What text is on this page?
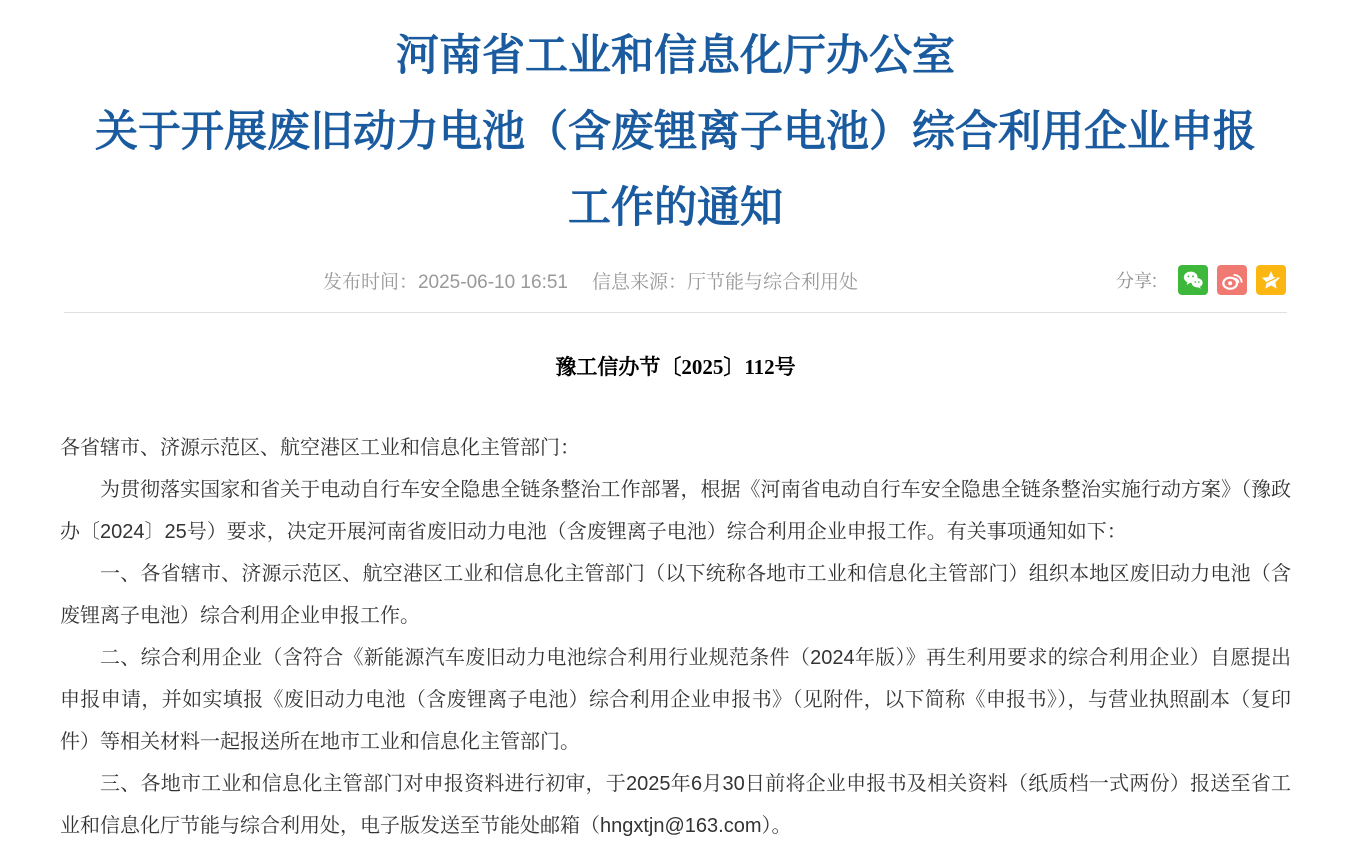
河南省工业和信息化厅办公室
关于开展废旧动力电池（含废锂离子电池）综合利用企业申报
工作的通知
发布时间：2025-06-10 16:51 信息来源：厅节能与综合利用处	分享:
豫工信办节〔2025〕112号

各省辖市、济源示范区、航空港区工业和信息化主管部门：

为贯彻落实国家和省关于电动自行车安全隐患全链条整治工作部署，根据《河南省电动自行车安全隐患全链条整治实施行动方案》（豫政办〔2024〕25号）要求，决定开展河南省废旧动力电池（含废锂离子电池）综合利用企业申报工作。有关事项通知如下：

一、各省辖市、济源示范区、航空港区工业和信息化主管部门（以下统称各地市工业和信息化主管部门）组织本地区废旧动力电池（含废锂离子电池）综合利用企业申报工作。

二、综合利用企业（含符合《新能源汽车废旧动力电池综合利用行业规范条件（2024年版）》再生利用要求的综合利用企业）自愿提出申报申请，并如实填报《废旧动力电池（含废锂离子电池）综合利用企业申报书》（见附件，以下简称《申报书》），与营业执照副本（复印件）等相关材料一起报送所在地市工业和信息化主管部门。

三、各地市工业和信息化主管部门对申报资料进行初审，于2025年6月30日前将企业申报书及相关资料（纸质档一式两份）报送至省工业和信息化厅节能与综合利用处，电子版发送至节能处邮箱（hngxtjn@163.com）。
